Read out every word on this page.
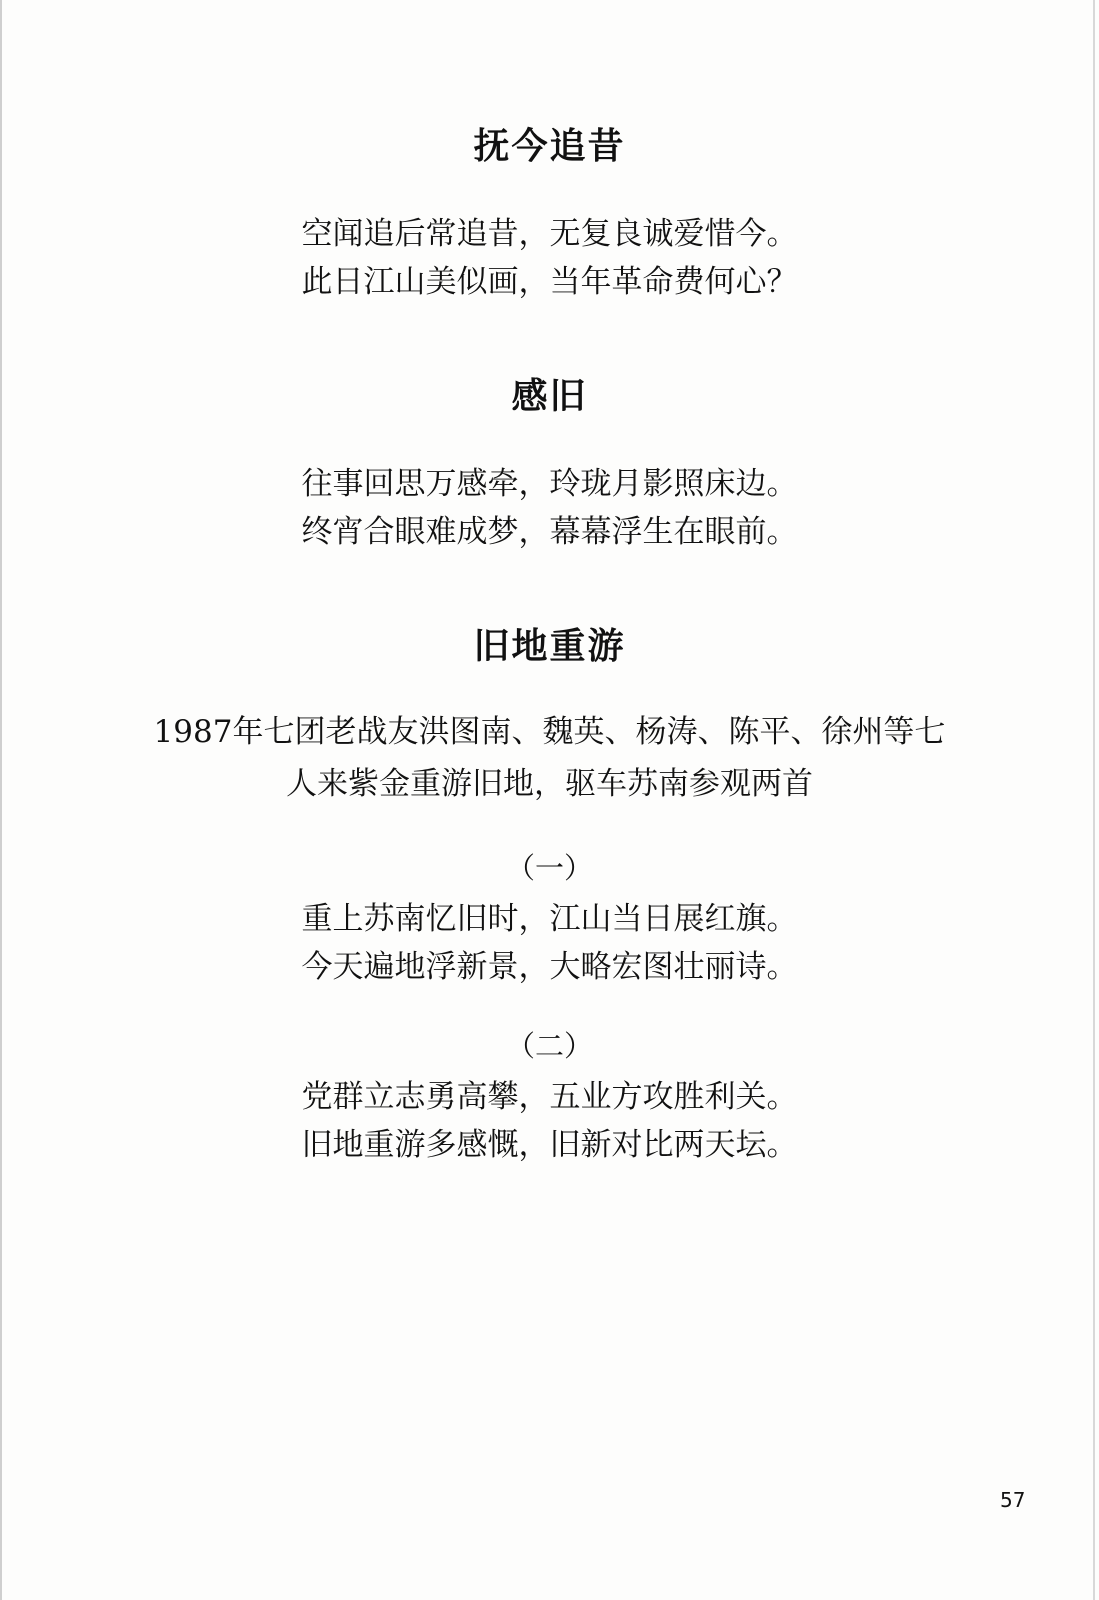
抚今追昔

空闻追后常追昔，无复良诚爱惜今。

此日江山美似画，当年革命费何心？

感旧

往事回思万感牵，玲珑月影照床边。

终宵合眼难成梦，幕幕浮生在眼前。

旧地重游

1987年七团老战友洪图南、魏英、杨涛、陈平、徐州等七

人来紫金重游旧地，驱车苏南参观两首

（一）

重上苏南忆旧时，江山当日展红旗。

今天遍地浮新景，大略宏图壮丽诗。

（二）

党群立志勇高攀，五业方攻胜利关。

旧地重游多感慨，旧新对比两天坛。

57
